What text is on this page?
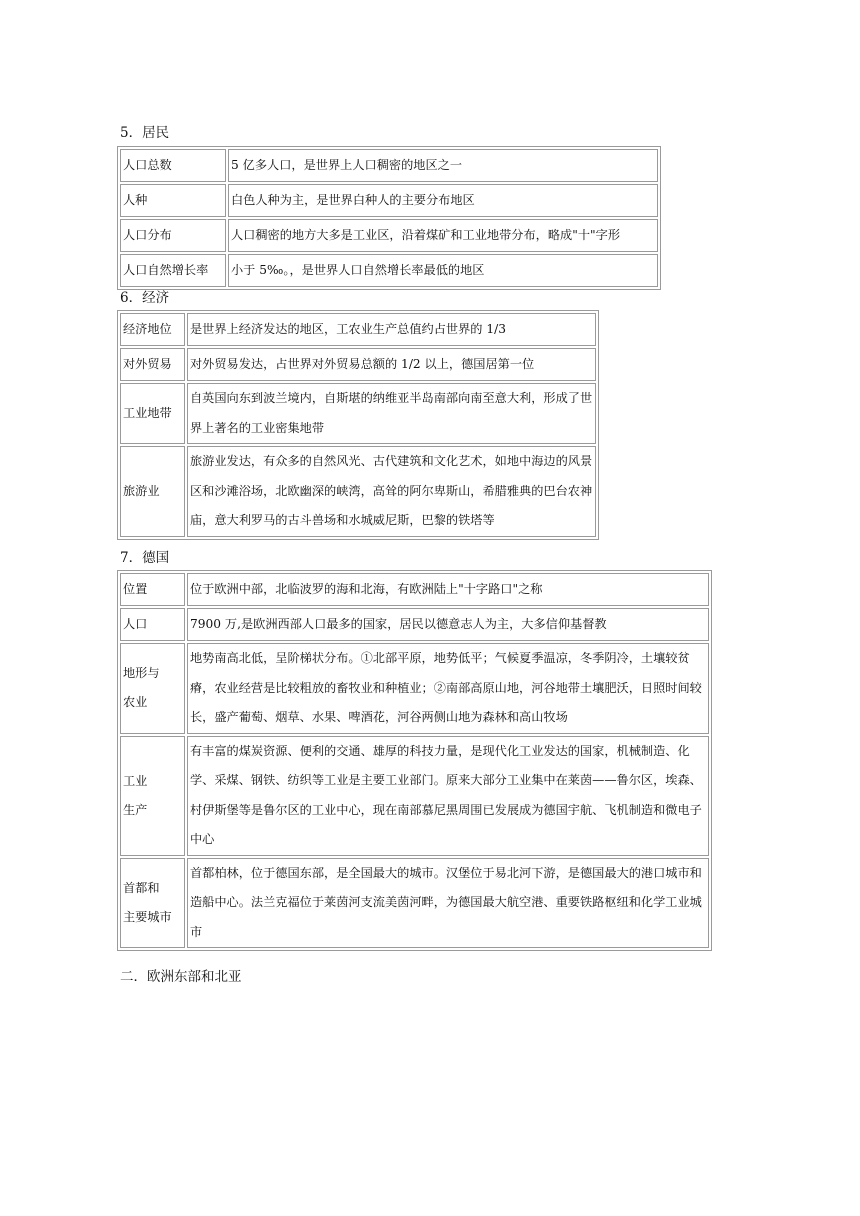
5．居民
人口总数	5 亿多人口，是世界上人口稠密的地区之一
人种	白色人种为主，是世界白种人的主要分布地区
人口分布	人口稠密的地方大多是工业区，沿着煤矿和工业地带分布，略成"十"字形
人口自然增长率	小于 5‰。，是世界人口自然增长率最低的地区
6．经济
经济地位	是世界上经济发达的地区，工农业生产总值约占世界的 1/3
对外贸易	对外贸易发达，占世界对外贸易总额的 1/2 以上，德国居第一位
工业地带	自英国向东到波兰境内，自斯堪的纳维亚半岛南部向南至意大利，形成了世界上著名的工业密集地带
旅游业	旅游业发达，有众多的自然风光、古代建筑和文化艺术，如地中海边的风景区和沙滩浴场，北欧幽深的峡湾，高耸的阿尔卑斯山，希腊雅典的巴台农神庙，意大利罗马的古斗兽场和水城威尼斯，巴黎的铁塔等
7．德国
位置	位于欧洲中部，北临波罗的海和北海，有欧洲陆上"十字路口"之称
人口	7900 万,是欧洲西部人口最多的国家，居民以德意志人为主，大多信仰基督教

地形与
农业	地势南高北低，呈阶梯状分布。①北部平原，地势低平；气候夏季温凉，冬季阴冷，土壤较贫瘠，农业经营是比较粗放的畜牧业和种植业；②南部高原山地，河谷地带土壤肥沃，日照时间较长，盛产葡萄、烟草、水果、啤酒花，河谷两侧山地为森林和高山牧场

工业
生产	有丰富的煤炭资源、便利的交通、雄厚的科技力量，是现代化工业发达的国家，机械制造、化学、采煤、钢铁、纺织等工业是主要工业部门。原来大部分工业集中在莱茵——鲁尔区，埃森、村伊斯堡等是鲁尔区的工业中心，现在南部慕尼黑周围已发展成为德国宇航、飞机制造和微电子中心

首都和
主要城市	首都柏林，位于德国东部，是全国最大的城市。汉堡位于易北河下游，是德国最大的港口城市和造船中心。法兰克福位于莱茵河支流美茵河畔，为德国最大航空港、重要铁路枢纽和化学工业城市
二．欧洲东部和北亚
